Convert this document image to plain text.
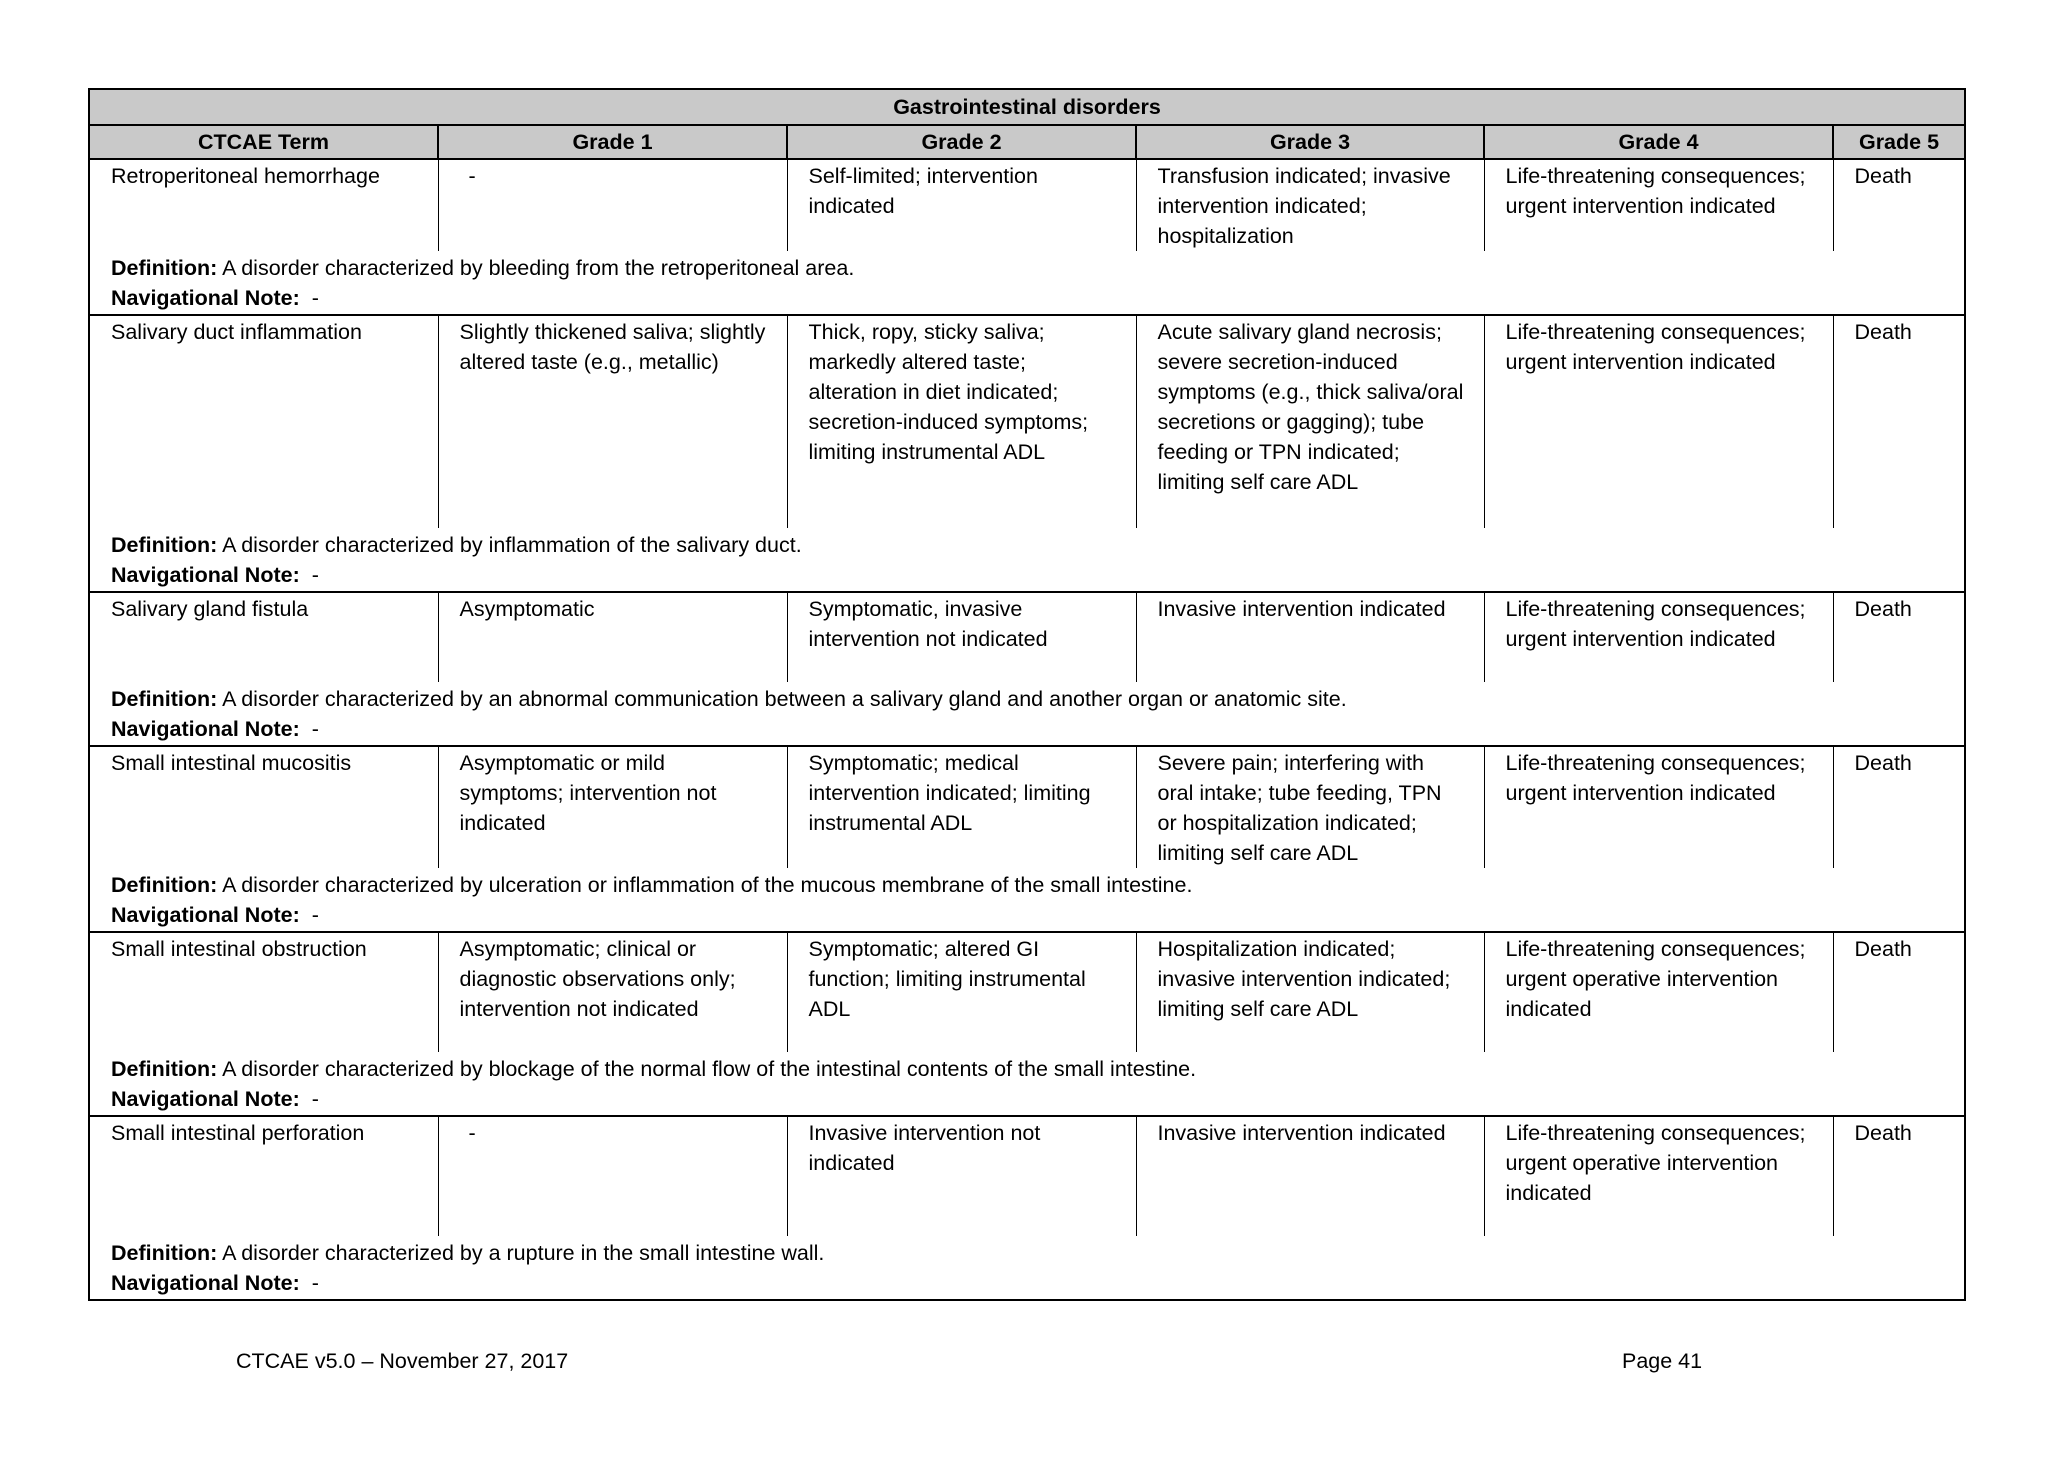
Gastrointestinal disorders					
CTCAE Term	Grade 1	Grade 2	Grade 3	Grade 4	Grade 5
Retroperitoneal hemorrhage	-	Self-limited; intervention indicated	Transfusion indicated; invasive intervention indicated; hospitalization	Life-threatening consequences; urgent intervention indicated	Death
Definition: A disorder characterized by bleeding from the retroperitoneal area.					
Navigational Note: -					
Salivary duct inflammation	Slightly thickened saliva; slightly altered taste (e.g., metallic)	Thick, ropy, sticky saliva; markedly altered taste; alteration in diet indicated; secretion-induced symptoms; limiting instrumental ADL	Acute salivary gland necrosis; severe secretion-induced symptoms (e.g., thick saliva/oral secretions or gagging); tube feeding or TPN indicated; limiting self care ADL	Life-threatening consequences; urgent intervention indicated	Death
Definition: A disorder characterized by inflammation of the salivary duct.					
Navigational Note: -					
Salivary gland fistula	Asymptomatic	Symptomatic, invasive intervention not indicated	Invasive intervention indicated	Life-threatening consequences; urgent intervention indicated	Death
Definition: A disorder characterized by an abnormal communication between a salivary gland and another organ or anatomic site.					
Navigational Note: -					
Small intestinal mucositis	Asymptomatic or mild symptoms; intervention not indicated	Symptomatic; medical intervention indicated; limiting instrumental ADL	Severe pain; interfering with oral intake; tube feeding, TPN or hospitalization indicated; limiting self care ADL	Life-threatening consequences; urgent intervention indicated	Death
Definition: A disorder characterized by ulceration or inflammation of the mucous membrane of the small intestine.					
Navigational Note: -					
Small intestinal obstruction	Asymptomatic; clinical or diagnostic observations only; intervention not indicated	Symptomatic; altered GI function; limiting instrumental ADL	Hospitalization indicated; invasive intervention indicated; limiting self care ADL	Life-threatening consequences; urgent operative intervention indicated	Death
Definition: A disorder characterized by blockage of the normal flow of the intestinal contents of the small intestine.					
Navigational Note: -					
Small intestinal perforation	-	Invasive intervention not indicated	Invasive intervention indicated	Life-threatening consequences; urgent operative intervention indicated	Death
Definition: A disorder characterized by a rupture in the small intestine wall.					
Navigational Note: -					
CTCAE v5.0 – November 27, 2017	Page 41
